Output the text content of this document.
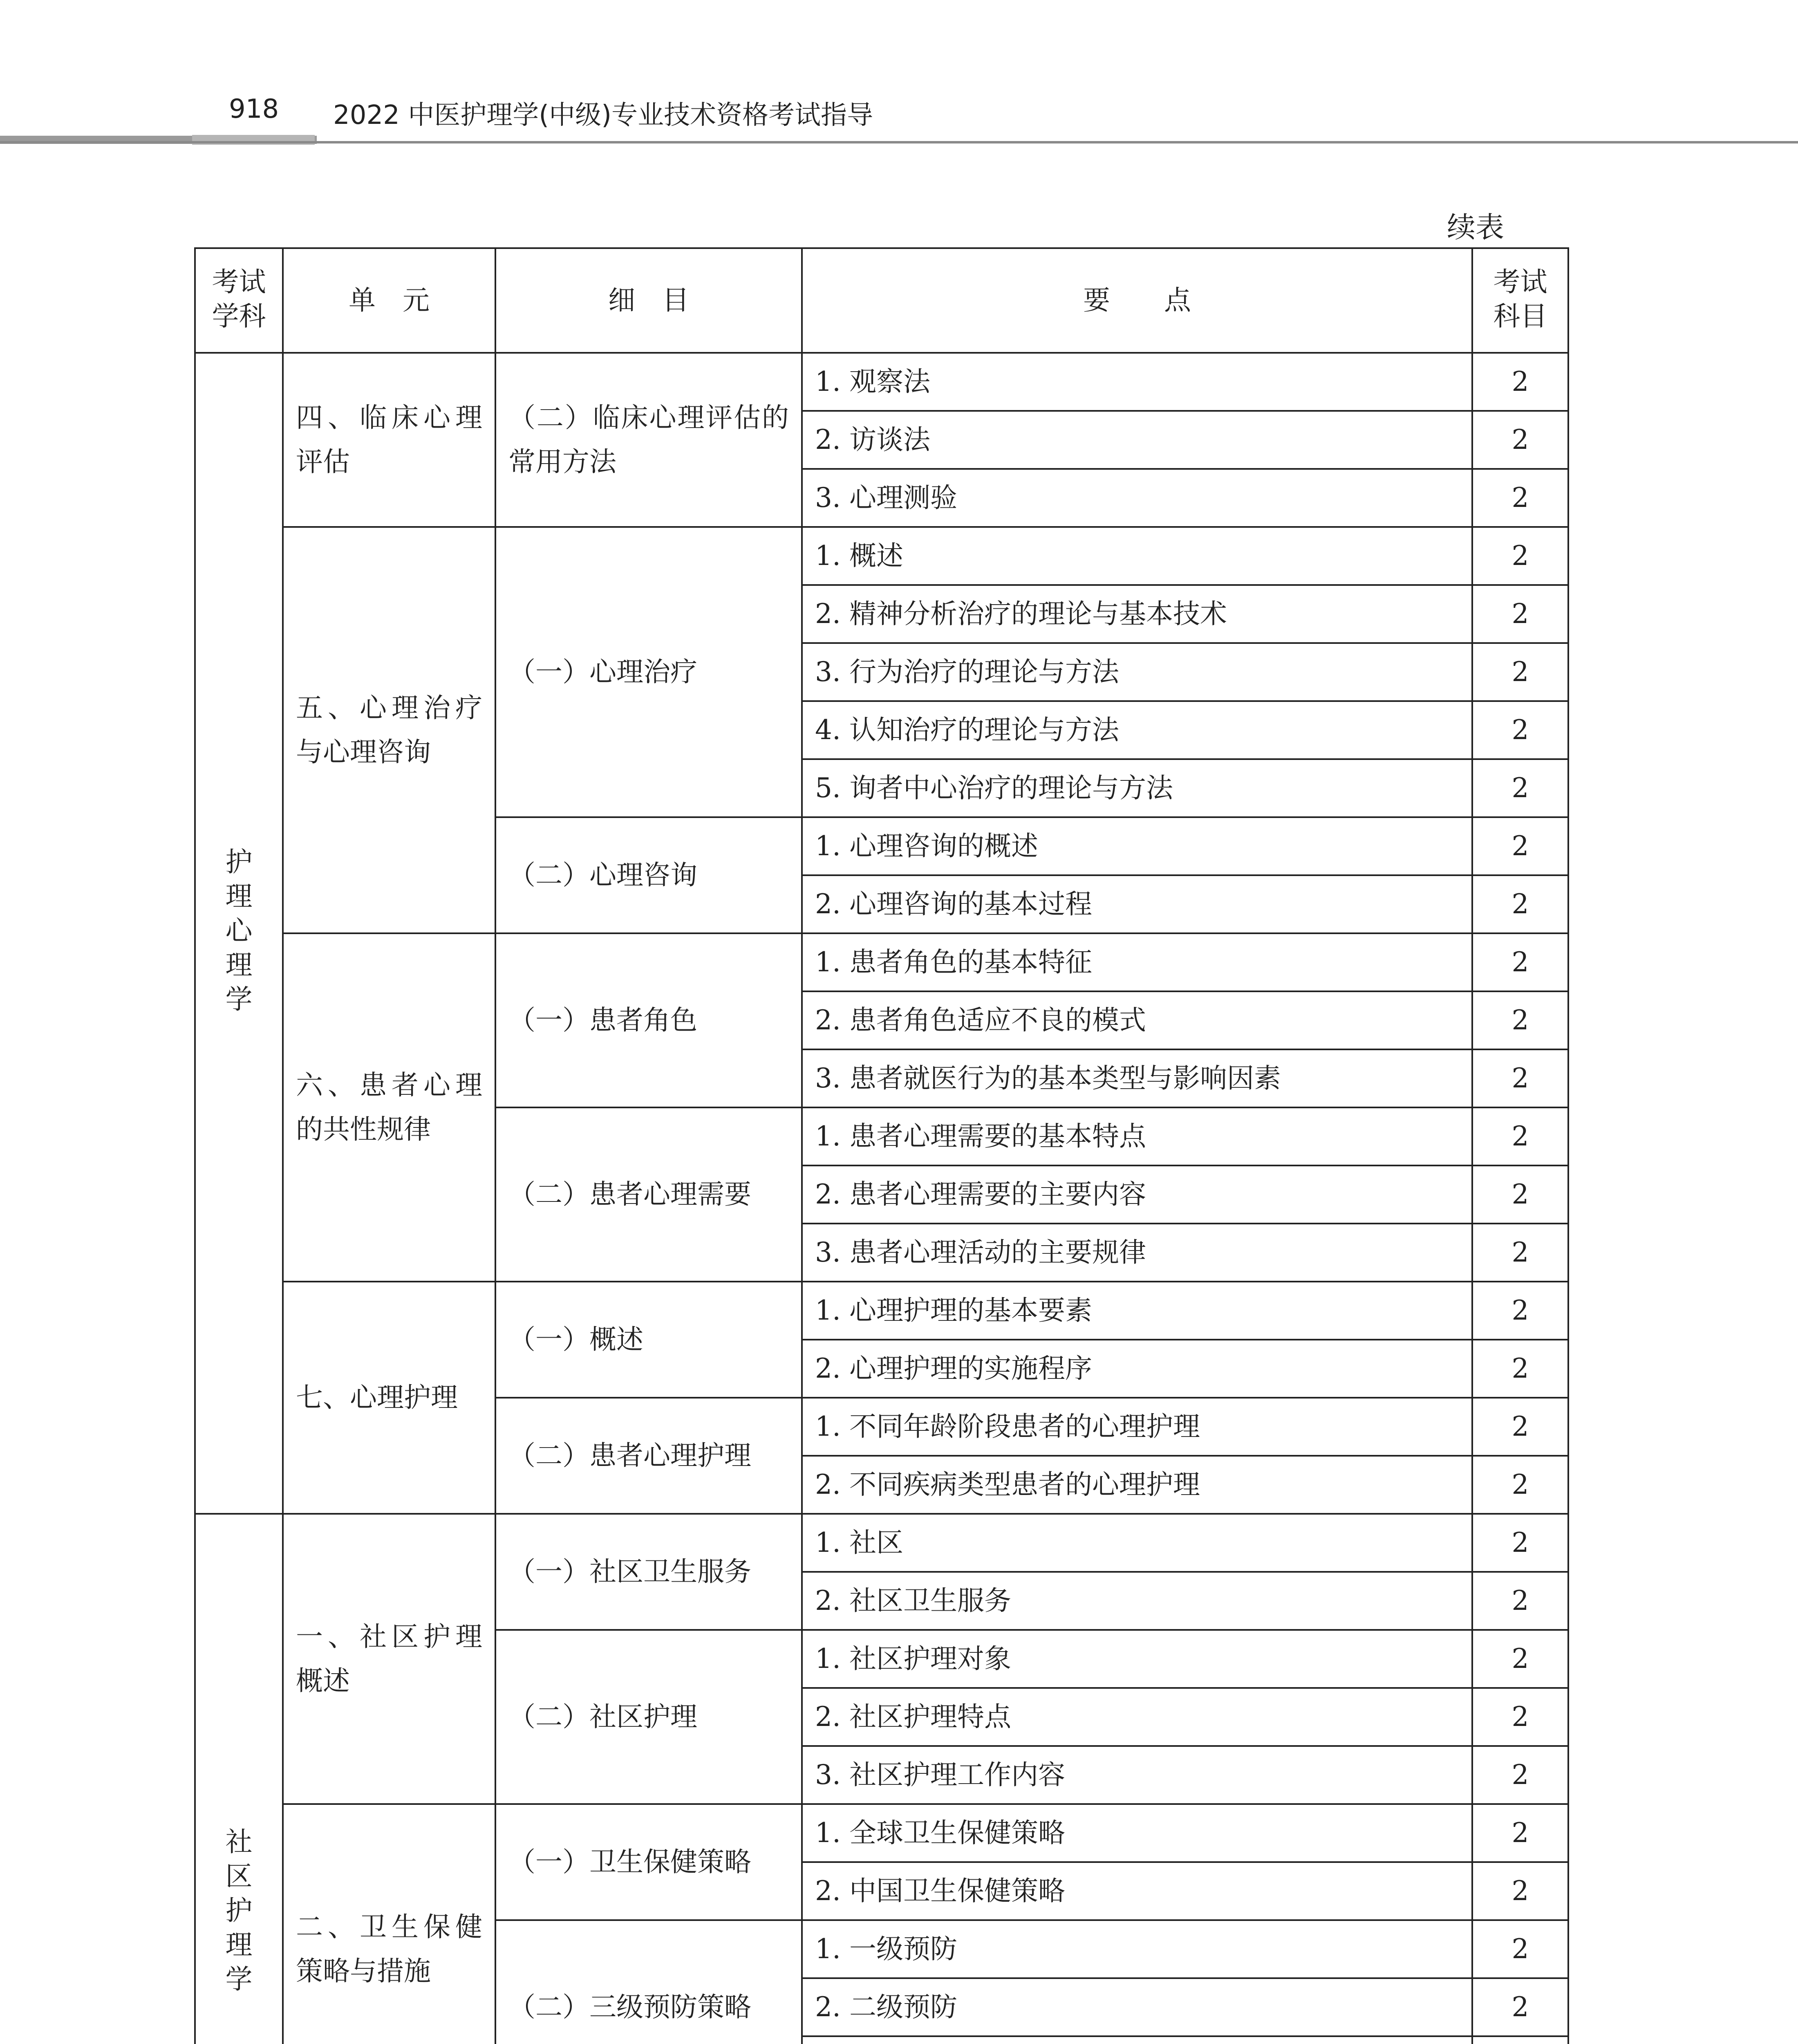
918 2022 中医护理学(中级)专业技术资格考试指导
续表
考试学科	单　元	细　目	要　　点	考试科目
护理心理学	四、临床心理评估	（二）临床心理评估的常用方法	1. 观察法	2
			2. 访谈法	2
			3. 心理测验	2
	五、心理治疗与心理咨询	（一）心理治疗	1. 概述	2
			2. 精神分析治疗的理论与基本技术	2
			3. 行为治疗的理论与方法	2
			4. 认知治疗的理论与方法	2
			5. 询者中心治疗的理论与方法	2
		（二）心理咨询	1. 心理咨询的概述	2
			2. 心理咨询的基本过程	2
	六、患者心理的共性规律	（一）患者角色	1. 患者角色的基本特征	2
			2. 患者角色适应不良的模式	2
			3. 患者就医行为的基本类型与影响因素	2
		（二）患者心理需要	1. 患者心理需要的基本特点	2
			2. 患者心理需要的主要内容	2
			3. 患者心理活动的主要规律	2
	七、心理护理	（一）概述	1. 心理护理的基本要素	2
			2. 心理护理的实施程序	2
		（二）患者心理护理	1. 不同年龄阶段患者的心理护理	2
			2. 不同疾病类型患者的心理护理	2
社区护理学	一、社区护理概述	（一）社区卫生服务	1. 社区	2
			2. 社区卫生服务	2
		（二）社区护理	1. 社区护理对象	2
			2. 社区护理特点	2
			3. 社区护理工作内容	2
	二、卫生保健策略与措施	（一）卫生保健策略	1. 全球卫生保健策略	2
			2. 中国卫生保健策略	2
		（二）三级预防策略	1. 一级预防	2
			2. 二级预防	2
